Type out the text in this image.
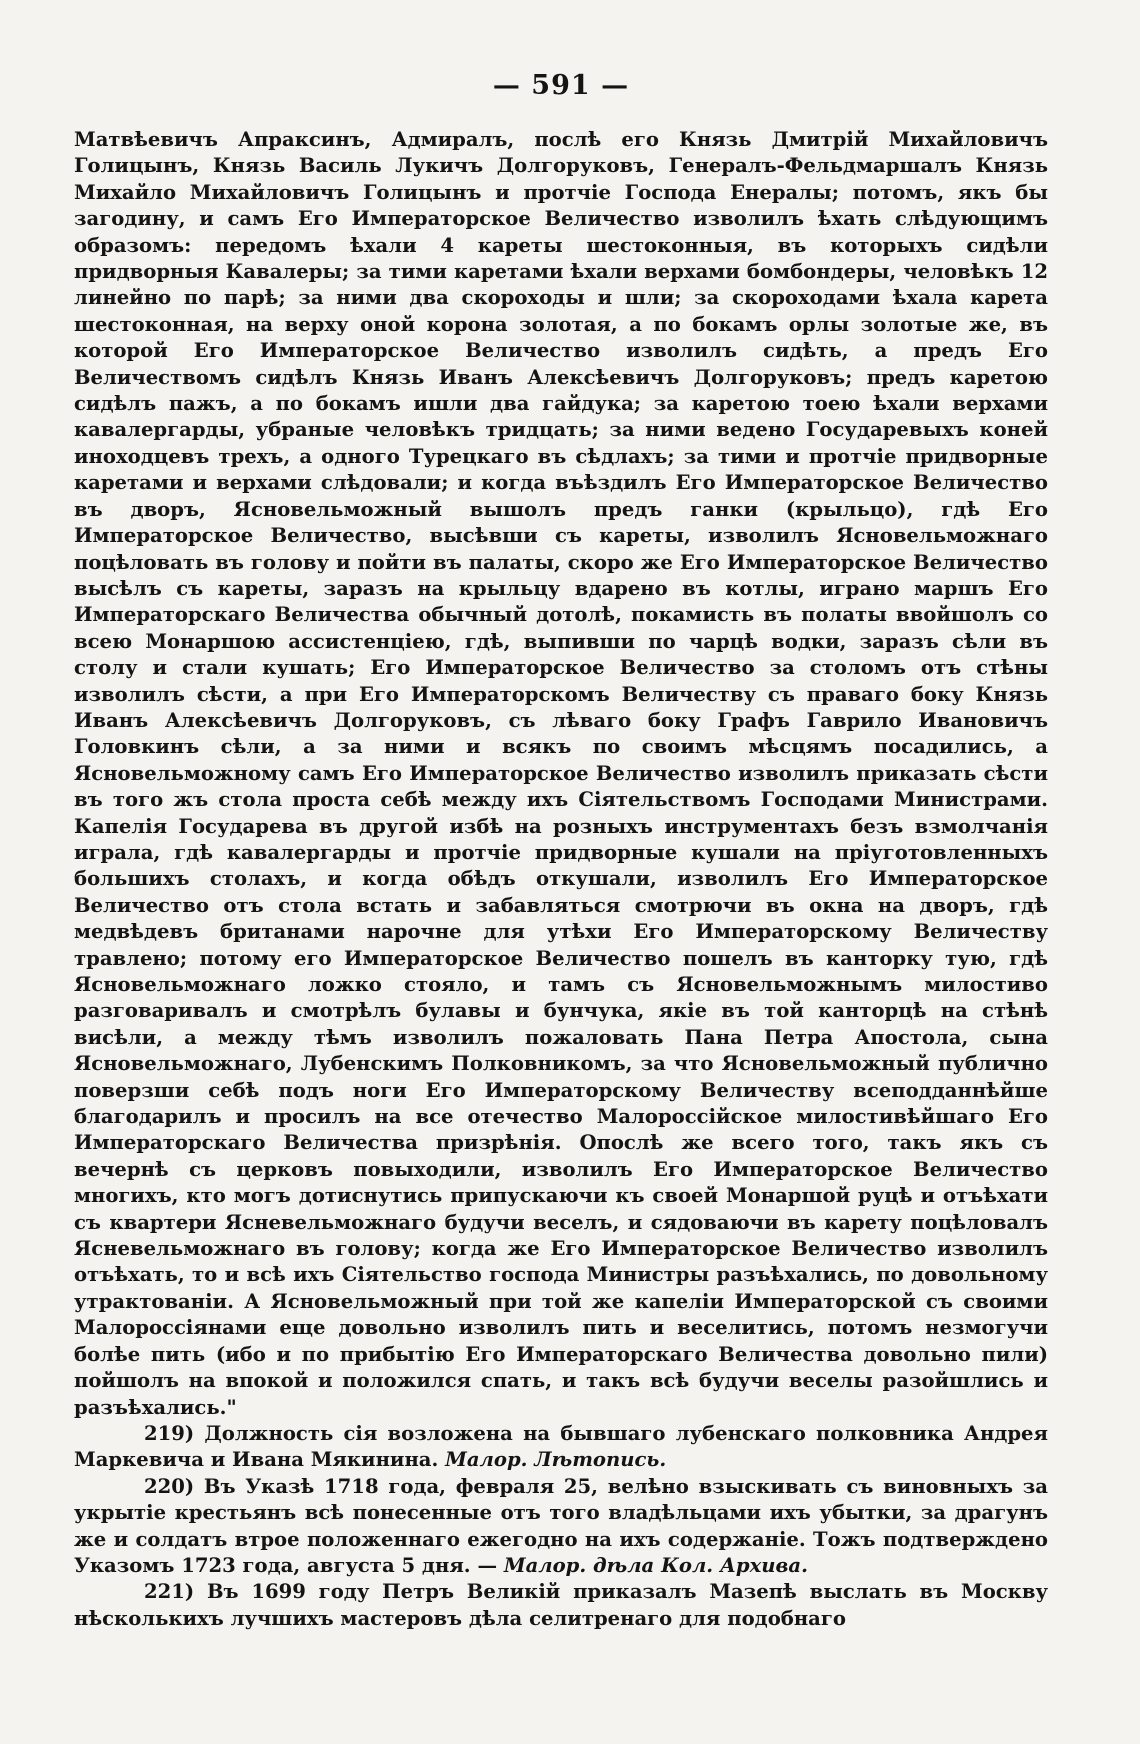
— 591 —

Матвѣевичъ Апраксинъ, Адмиралъ, послѣ его Князь Дмитрій Михайловичъ Голицынъ, Князь Василь Лукичъ Долгоруковъ, Генералъ-Фельдмаршалъ Князь Михайло Михайловичъ Голицынъ и протчіе Господа Енералы; потомъ, якъ бы загодину, и самъ Его Императорское Величество изволилъ ѣхать слѣдующимъ образомъ: передомъ ѣхали 4 кареты шестоконныя, въ которыхъ сидѣли придворныя Кавалеры; за тими каретами ѣхали верхами бомбондеры, человѣкъ 12 линейно по парѣ; за ними два скороходы и шли; за скороходами ѣхала карета шестоконная, на верху оной корона золотая, а по бокамъ орлы золотые же, въ которой Его Императорское Величество изволилъ сидѣть, а предъ Его Величествомъ сидѣлъ Князь Иванъ Алексѣевичъ Долгоруковъ; предъ каретою сидѣлъ пажъ, а по бокамъ ишли два гайдука; за каретою тоею ѣхали верхами кавалергарды, убраные человѣкъ тридцать; за ними ведено Государевыхъ коней иноходцевъ трехъ, а одного Турецкаго въ сѣдлахъ; за тими и протчіе придворные каретами и верхами слѣдовали; и когда въѣздилъ Его Императорское Величество въ дворъ, Ясновельможный вышолъ предъ ганки (крыльцо), гдѣ Его Императорское Величество, высѣвши съ кареты, изволилъ Ясновельможнаго поцѣловать въ голову и пойти въ палаты, скоро же Его Императорское Величество высѣлъ съ кареты, заразъ на крыльцу вдарено въ котлы, играно маршъ Его Императорскаго Величества обычный дотолѣ, покамисть въ полаты ввойшолъ со всею Монаршою ассистенціею, гдѣ, выпивши по чарцѣ водки, заразъ сѣли въ столу и стали кушать; Его Императорское Величество за столомъ отъ стѣны изволилъ сѣсти, а при Его Императорскомъ Величеству съ праваго боку Князь Иванъ Алексѣевичъ Долгоруковъ, съ лѣваго боку Графъ Гаврило Ивановичъ Головкинъ сѣли, а за ними и всякъ по своимъ мѣсцямъ посадились, а Ясновельможному самъ Его Императорское Величество изволилъ приказать сѣсти въ того жъ стола проста себѣ между ихъ Сіятельствомъ Господами Министрами. Капелія Государева въ другой избѣ на розныхъ инструментахъ безъ взмолчанія играла, гдѣ кавалергарды и протчіе придворные кушали на пріуготовленныхъ большихъ столахъ, и когда обѣдъ откушали, изволилъ Его Императорское Величество отъ стола встать и забавляться смотрючи въ окна на дворъ, гдѣ медвѣдевъ британами нарочне для утѣхи Его Императорскому Величеству травлено; потому его Императорское Величество пошелъ въ канторку тую, гдѣ Ясновельможнаго ложко стояло, и тамъ съ Ясновельможнымъ милостиво разговаривалъ и смотрѣлъ булавы и бунчука, якіе въ той канторцѣ на стѣнѣ висѣли, а между тѣмъ изволилъ пожаловать Пана Петра Апостола, сына Ясновельможнаго, Лубенскимъ Полковникомъ, за что Ясновельможный публично поверзши себѣ подъ ноги Его Императорскому Величеству всеподданнѣйше благодарилъ и просилъ на все отечество Малороссійское милостивѣйшаго Его Императорскаго Величества призрѣнія. Опослѣ же всего того, такъ якъ съ вечернѣ съ церковъ повыходили, изволилъ Его Императорское Величество многихъ, кто могъ дотиснутись припускаючи къ своей Монаршой руцѣ и отъѣхати съ квартери Ясневельможнаго будучи веселъ, и сядоваючи въ карету поцѣловалъ Ясневельможнаго въ голову; когда же Его Императорское Величество изволилъ отъѣхать, то и всѣ ихъ Сіятельство господа Министры разъѣхались, по довольному утрактованіи. А Ясновельможный при той же капеліи Императорской съ своими Малороссіянами еще довольно изволилъ пить и веселитись, потомъ незмогучи болѣе пить (ибо и по прибытію Его Императорскаго Величества довольно пили) пойшолъ на впокой и положился спать, и такъ всѣ будучи веселы разойшлись и разъѣхались."

219) Должность сія возложена на бывшаго лубенскаго полковника Андрея Маркевича и Ивана Мякинина. Малор. Лѣтопись.

220) Въ Указѣ 1718 года, февраля 25, велѣно взыскивать съ виновныхъ за укрытіе крестьянъ всѣ понесенные отъ того владѣльцами ихъ убытки, за драгунъ же и солдатъ втрое положеннаго ежегодно на ихъ содержаніе. Тожъ подтверждено Указомъ 1723 года, августа 5 дня. — Малор. дѣла Кол. Архива.

221) Въ 1699 году Петръ Великій приказалъ Мазепѣ выслать въ Москву нѣсколькихъ лучшихъ мастеровъ дѣла селитренаго для подобнаго
